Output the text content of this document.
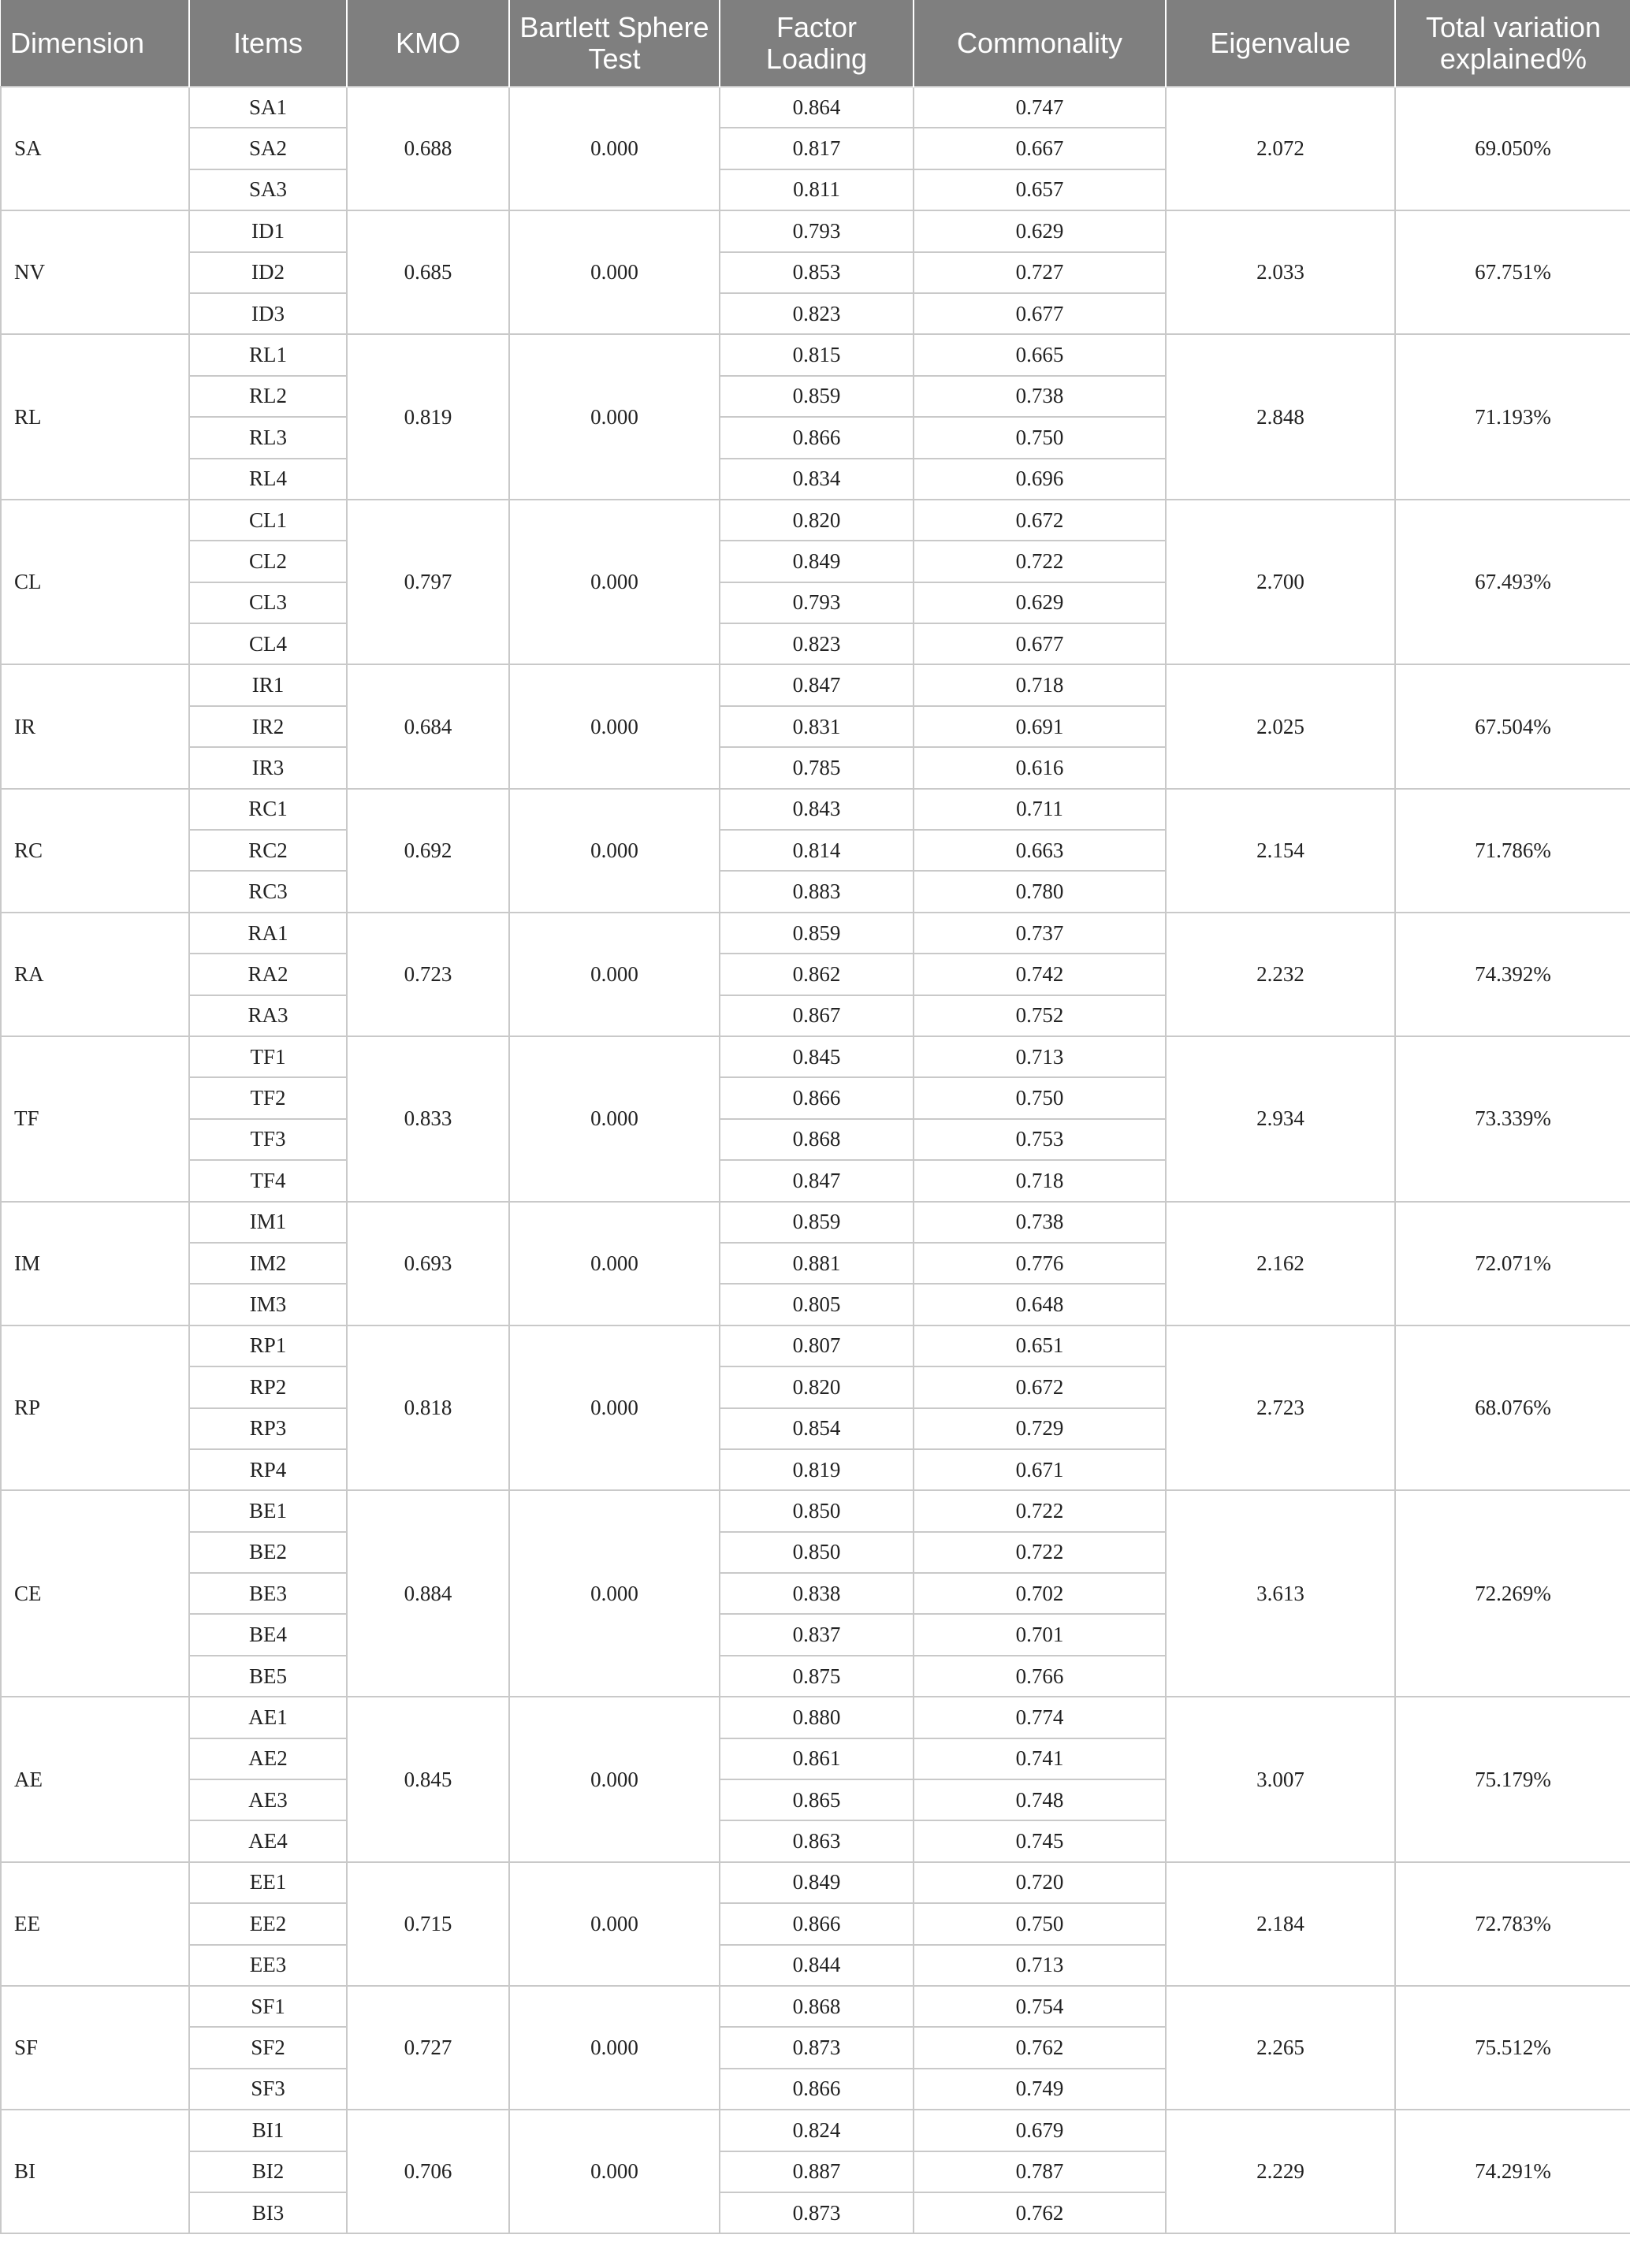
Dimension	Items	KMO	Bartlett Sphere Test	Factor Loading	Commonality	Eigenvalue	Total variation explained%
SA	SA1	0.688	0.000	0.864	0.747	2.072	69.050%
	SA2			0.817	0.667		
	SA3			0.811	0.657		
NV	ID1	0.685	0.000	0.793	0.629	2.033	67.751%
	ID2			0.853	0.727		
	ID3			0.823	0.677		
RL	RL1	0.819	0.000	0.815	0.665	2.848	71.193%
	RL2			0.859	0.738		
	RL3			0.866	0.750		
	RL4			0.834	0.696		
CL	CL1	0.797	0.000	0.820	0.672	2.700	67.493%
	CL2			0.849	0.722		
	CL3			0.793	0.629		
	CL4			0.823	0.677		
IR	IR1	0.684	0.000	0.847	0.718	2.025	67.504%
	IR2			0.831	0.691		
	IR3			0.785	0.616		
RC	RC1	0.692	0.000	0.843	0.711	2.154	71.786%
	RC2			0.814	0.663		
	RC3			0.883	0.780		
RA	RA1	0.723	0.000	0.859	0.737	2.232	74.392%
	RA2			0.862	0.742		
	RA3			0.867	0.752		
TF	TF1	0.833	0.000	0.845	0.713	2.934	73.339%
	TF2			0.866	0.750		
	TF3			0.868	0.753		
	TF4			0.847	0.718		
IM	IM1	0.693	0.000	0.859	0.738	2.162	72.071%
	IM2			0.881	0.776		
	IM3			0.805	0.648		
RP	RP1	0.818	0.000	0.807	0.651	2.723	68.076%
	RP2			0.820	0.672		
	RP3			0.854	0.729		
	RP4			0.819	0.671		
CE	BE1	0.884	0.000	0.850	0.722	3.613	72.269%
	BE2			0.850	0.722		
	BE3			0.838	0.702		
	BE4			0.837	0.701		
	BE5			0.875	0.766		
AE	AE1	0.845	0.000	0.880	0.774	3.007	75.179%
	AE2			0.861	0.741		
	AE3			0.865	0.748		
	AE4			0.863	0.745		
EE	EE1	0.715	0.000	0.849	0.720	2.184	72.783%
	EE2			0.866	0.750		
	EE3			0.844	0.713		
SF	SF1	0.727	0.000	0.868	0.754	2.265	75.512%
	SF2			0.873	0.762		
	SF3			0.866	0.749		
BI	BI1	0.706	0.000	0.824	0.679	2.229	74.291%
	BI2			0.887	0.787		
	BI3			0.873	0.762		
